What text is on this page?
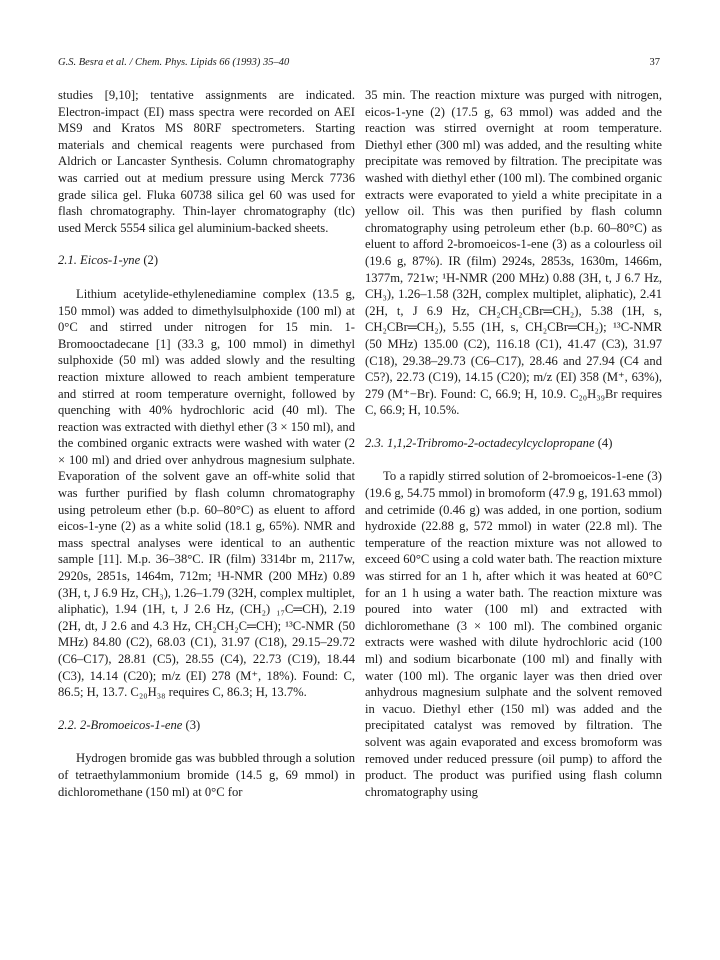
G.S. Besra et al. / Chem. Phys. Lipids 66 (1993) 35–40	37

studies [9,10]; tentative assignments are indicated. Electron-impact (EI) mass spectra were recorded on AEI MS9 and Kratos MS 80RF spectrometers. Starting materials and chemical reagents were purchased from Aldrich or Lancaster Synthesis. Column chromatography was carried out at medium pressure using Merck 7736 grade silica gel. Fluka 60738 silica gel 60 was used for flash chromatography. Thin-layer chromatography (tlc) used Merck 5554 silica gel aluminium-backed sheets.

2.1. Eicos-1-yne (2)

Lithium acetylide-ethylenediamine complex (13.5 g, 150 mmol) was added to dimethylsulphoxide (100 ml) at 0°C and stirred under nitrogen for 15 min. 1-Bromooctadecane [1] (33.3 g, 100 mmol) in dimethyl sulphoxide (50 ml) was added slowly and the resulting reaction mixture allowed to reach ambient temperature and stirred at room temperature overnight, followed by quenching with 40% hydrochloric acid (40 ml). The reaction was extracted with diethyl ether (3 × 150 ml), and the combined organic extracts were washed with water (2 × 100 ml) and dried over anhydrous magnesium sulphate. Evaporation of the solvent gave an off-white solid that was further purified by flash column chromatography using petroleum ether (b.p. 60–80°C) as eluent to afford eicos-1-yne (2) as a white solid (18.1 g, 65%). NMR and mass spectral analyses were identical to an authentic sample [11]. M.p. 36–38°C. IR (film) 3314br m, 2117w, 2920s, 2851s, 1464m, 712m; ¹H-NMR (200 MHz) 0.89 (3H, t, J 6.9 Hz, CH₃), 1.26–1.79 (32H, complex multiplet, aliphatic), 1.94 (1H, t, J 2.6 Hz, (CH₂) ₁₇C═CH), 2.19 (2H, dt, J 2.6 and 4.3 Hz, CH₂CH₂C═CH); ¹³C-NMR (50 MHz) 84.80 (C2), 68.03 (C1), 31.97 (C18), 29.15–29.72 (C6–C17), 28.81 (C5), 28.55 (C4), 22.73 (C19), 18.44 (C3), 14.14 (C20); m/z (EI) 278 (M⁺, 18%). Found: C, 86.5; H, 13.7. C₂₀H₃₈ requires C, 86.3; H, 13.7%.

2.2. 2-Bromoeicos-1-ene (3)

Hydrogen bromide gas was bubbled through a solution of tetraethylammonium bromide (14.5 g, 69 mmol) in dichloromethane (150 ml) at 0°C for

35 min. The reaction mixture was purged with nitrogen, eicos-1-yne (2) (17.5 g, 63 mmol) was added and the reaction was stirred overnight at room temperature. Diethyl ether (300 ml) was added, and the resulting white precipitate was removed by filtration. The precipitate was washed with diethyl ether (100 ml). The combined organic extracts were evaporated to yield a white precipitate in a yellow oil. This was then purified by flash column chromatography using petroleum ether (b.p. 60–80°C) as eluent to afford 2-bromoeicos-1-ene (3) as a colourless oil (19.6 g, 87%). IR (film) 2924s, 2853s, 1630m, 1466m, 1377m, 721w; ¹H-NMR (200 MHz) 0.88 (3H, t, J 6.7 Hz, CH₃), 1.26–1.58 (32H, complex multiplet, aliphatic), 2.41 (2H, t, J 6.9 Hz, CH₂CH₂CBr═CH₂), 5.38 (1H, s, CH₂CBr═CH₂), 5.55 (1H, s, CH₂CBr═CH₂); ¹³C-NMR (50 MHz) 135.00 (C2), 116.18 (C1), 41.47 (C3), 31.97 (C18), 29.38–29.73 (C6–C17), 28.46 and 27.94 (C4 and C5?), 22.73 (C19), 14.15 (C20); m/z (EI) 358 (M⁺, 63%), 279 (M⁺−Br). Found: C, 66.9; H, 10.9. C₂₀H₃₉Br requires C, 66.9; H, 10.5%.

2.3. 1,1,2-Tribromo-2-octadecylcyclopropane (4)

To a rapidly stirred solution of 2-bromoeicos-1-ene (3) (19.6 g, 54.75 mmol) in bromoform (47.9 g, 191.63 mmol) and cetrimide (0.46 g) was added, in one portion, sodium hydroxide (22.88 g, 572 mmol) in water (22.8 ml). The temperature of the reaction mixture was not allowed to exceed 60°C using a cold water bath. The reaction mixture was stirred for an 1 h, after which it was heated at 60°C for an 1 h using a water bath. The reaction mixture was poured into water (100 ml) and extracted with dichloromethane (3 × 100 ml). The combined organic extracts were washed with dilute hydrochloric acid (100 ml) and sodium bicarbonate (100 ml) and finally with water (100 ml). The organic layer was then dried over anhydrous magnesium sulphate and the solvent removed in vacuo. Diethyl ether (150 ml) was added and the precipitated catalyst was removed by filtration. The solvent was again evaporated and excess bromoform was removed under reduced pressure (oil pump) to afford the product. The product was purified using flash column chromatography using
